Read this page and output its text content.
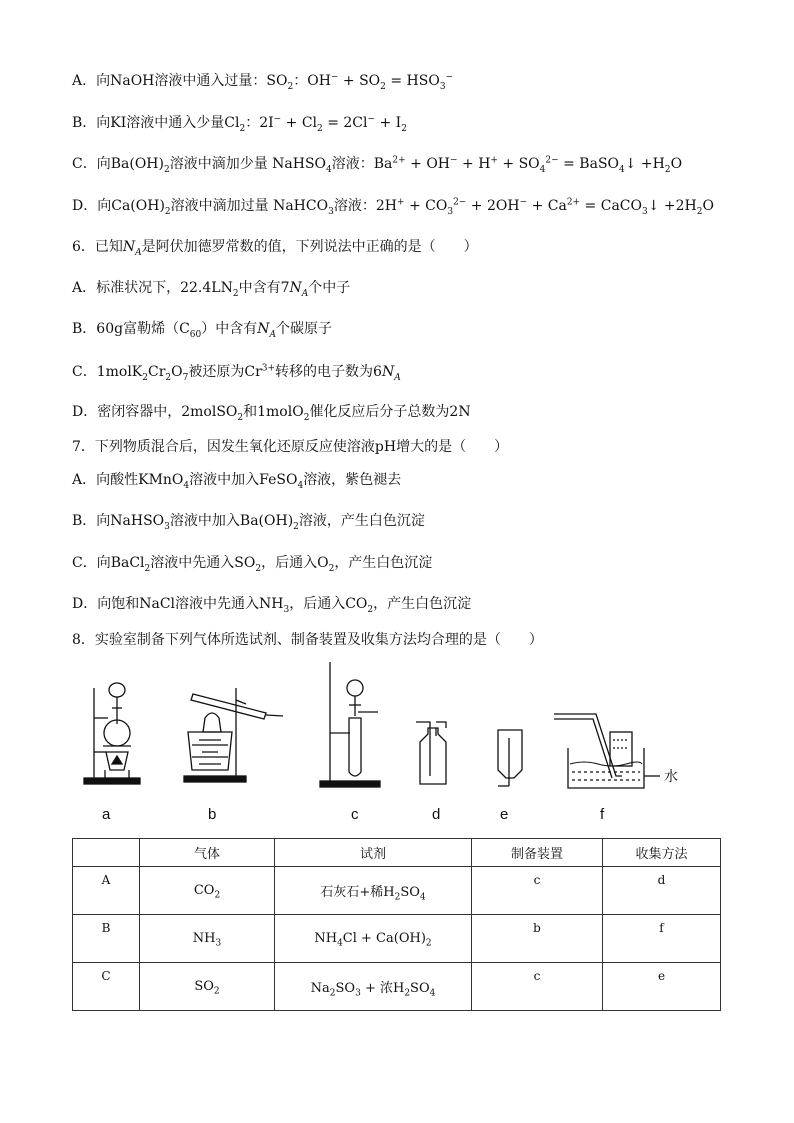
A．向NaOH溶液中通入过量：$SO_2$：$OH^- + SO_2 = HSO_3^-$
B．向KI溶液中通入少量$Cl_2$：$2I^- + Cl_2 = 2Cl^- + I_2$
C．向$Ba(OH)_2$溶液中滴加少量 NaHSO$_4$溶液：$Ba^{2+} + OH^- + H^+ + SO_4^{2-}$ = BaSO$_4$↓ $+H_2O$
D．向$Ca(OH)_2$溶液中滴加过量 NaHCO$_3$溶液：$2H^+ + CO_3^{2-} + 2OH^- + Ca^{2+}$ = CaCO$_3$↓ $+2H_2O$
6．已知$N_A$是阿伏加德罗常数的值，下列说法中正确的是（　　）
A．标准状况下，$22.4LN_2$中含有$7N_A$个中子
B．60g富勒烯$(C_{60})$中含有$N_A$个碳原子
C．$1molK_2Cr_2O_7$被还原为$Cr^{3+}$转移的电子数为$6N_A$
D．密闭容器中，2molSO$_2$和1molO$_2$催化反应后分子总数为2N
7．下列物质混合后，因发生氧化还原反应使溶液pH增大的是（　　）
A．向酸性KMnO$_4$溶液中加入FeSO$_4$溶液，紫色褪去
B．向NaHSO$_3$溶液中加入$Ba(OH)_2$溶液，产生白色沉淀
C．向BaCl$_2$溶液中先通入$SO_2$，后通入$O_2$，产生白色沉淀
D．向饱和NaCl溶液中先通入$NH_3$，后通入$CO_2$，产生白色沉淀
8．实验室制备下列气体所选试剂、制备装置及收集方法均合理的是（　　）
a	b	c	d	e	f
水
	气体	试剂	制备装置	收集方法
A	$CO_2$	石灰石+稀$H_2SO_4$	c	d
B	$NH_3$	$NH_4Cl + Ca(OH)_2$	b	f
C	$SO_2$	$Na_2SO_3$ + 浓$H_2SO_4$	c	e
